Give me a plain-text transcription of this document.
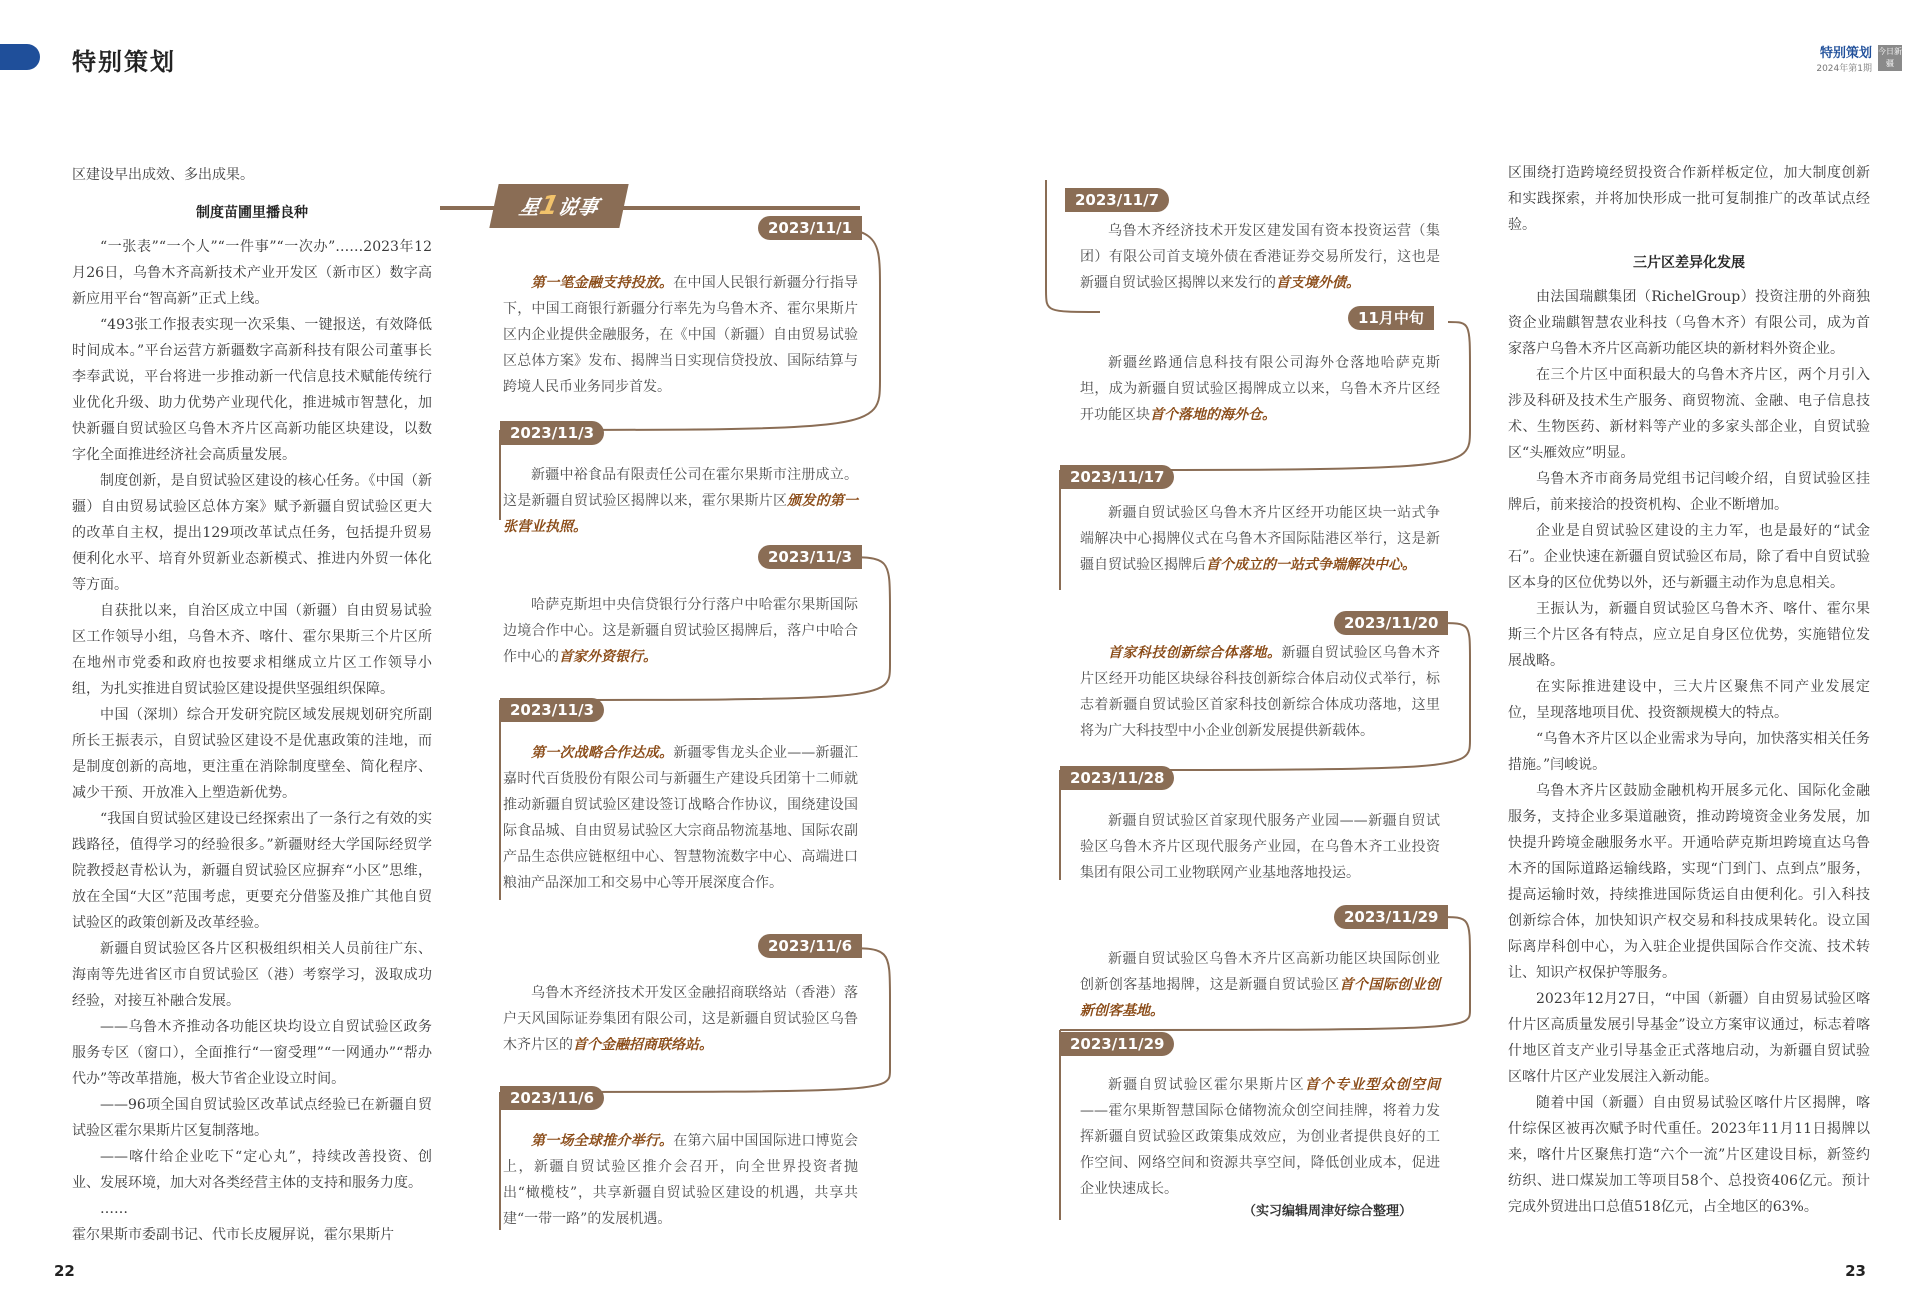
特别策划	特别策划
2024年第1期
今日新疆

区建设早出成效、多出成果。

制度苗圃里播良种

“一张表”“一个人”“一件事”“一次办”……2023年12月26日，乌鲁木齐高新技术产业开发区（新市区）数字高新应用平台“智高新”正式上线。

“493张工作报表实现一次采集、一键报送，有效降低时间成本。”平台运营方新疆数字高新科技有限公司董事长李奉武说，平台将进一步推动新一代信息技术赋能传统行业优化升级、助力优势产业现代化，推进城市智慧化，加快新疆自贸试验区乌鲁木齐片区高新功能区块建设，以数字化全面推进经济社会高质量发展。

制度创新，是自贸试验区建设的核心任务。《中国（新疆）自由贸易试验区总体方案》赋予新疆自贸试验区更大的改革自主权，提出129项改革试点任务，包括提升贸易便利化水平、培育外贸新业态新模式、推进内外贸一体化等方面。

自获批以来，自治区成立中国（新疆）自由贸易试验区工作领导小组，乌鲁木齐、喀什、霍尔果斯三个片区所在地州市党委和政府也按要求相继成立片区工作领导小组，为扎实推进自贸试验区建设提供坚强组织保障。

中国（深圳）综合开发研究院区域发展规划研究所副所长王振表示，自贸试验区建设不是优惠政策的洼地，而是制度创新的高地，更注重在消除制度壁垒、简化程序、减少干预、开放准入上塑造新优势。

“我国自贸试验区建设已经探索出了一条行之有效的实践路径，值得学习的经验很多。”新疆财经大学国际经贸学院教授赵青松认为，新疆自贸试验区应摒弃“小区”思维，放在全国“大区”范围考虑，更要充分借鉴及推广其他自贸试验区的政策创新及改革经验。

新疆自贸试验区各片区积极组织相关人员前往广东、海南等先进省区市自贸试验区（港）考察学习，汲取成功经验，对接互补融合发展。

——乌鲁木齐推动各功能区块均设立自贸试验区政务服务专区（窗口），全面推行“一窗受理”“一网通办”“帮办代办”等改革措施，极大节省企业设立时间。

——96项全国自贸试验区改革试点经验已在新疆自贸试验区霍尔果斯片区复制落地。

——喀什给企业吃下“定心丸”，持续改善投资、创业、发展环境，加大对各类经营主体的支持和服务力度。

……

霍尔果斯市委副书记、代市长皮履屏说，霍尔果斯片

星1说事
2023/11/1

第一笔金融支持投放。在中国人民银行新疆分行指导下，中国工商银行新疆分行率先为乌鲁木齐、霍尔果斯片区内企业提供金融服务，在《中国（新疆）自由贸易试验区总体方案》发布、揭牌当日实现信贷投放、国际结算与跨境人民币业务同步首发。

2023/11/3

新疆中裕食品有限责任公司在霍尔果斯市注册成立。这是新疆自贸试验区揭牌以来，霍尔果斯片区颁发的第一张营业执照。

2023/11/3

哈萨克斯坦中央信贷银行分行落户中哈霍尔果斯国际边境合作中心。这是新疆自贸试验区揭牌后，落户中哈合作中心的首家外资银行。

2023/11/3

第一次战略合作达成。新疆零售龙头企业——新疆汇嘉时代百货股份有限公司与新疆生产建设兵团第十二师就推动新疆自贸试验区建设签订战略合作协议，围绕建设国际食品城、自由贸易试验区大宗商品物流基地、国际农副产品生态供应链枢纽中心、智慧物流数字中心、高端进口粮油产品深加工和交易中心等开展深度合作。

2023/11/6

乌鲁木齐经济技术开发区金融招商联络站（香港）落户天风国际证券集团有限公司，这是新疆自贸试验区乌鲁木齐片区的首个金融招商联络站。

2023/11/6

第一场全球推介举行。在第六届中国国际进口博览会上，新疆自贸试验区推介会召开，向全世界投资者抛出“橄榄枝”，共享新疆自贸试验区建设的机遇，共享共建“一带一路”的发展机遇。

2023/11/7

乌鲁木齐经济技术开发区建发国有资本投资运营（集团）有限公司首支境外债在香港证券交易所发行，这也是新疆自贸试验区揭牌以来发行的首支境外债。

11月中旬

新疆丝路通信息科技有限公司海外仓落地哈萨克斯坦，成为新疆自贸试验区揭牌成立以来，乌鲁木齐片区经开功能区块首个落地的海外仓。

2023/11/17

新疆自贸试验区乌鲁木齐片区经开功能区块一站式争端解决中心揭牌仪式在乌鲁木齐国际陆港区举行，这是新疆自贸试验区揭牌后首个成立的一站式争端解决中心。

2023/11/20

首家科技创新综合体落地。新疆自贸试验区乌鲁木齐片区经开功能区块绿谷科技创新综合体启动仪式举行，标志着新疆自贸试验区首家科技创新综合体成功落地，这里将为广大科技型中小企业创新发展提供新载体。

2023/11/28

新疆自贸试验区首家现代服务产业园——新疆自贸试验区乌鲁木齐片区现代服务产业园，在乌鲁木齐工业投资集团有限公司工业物联网产业基地落地投运。

2023/11/29

新疆自贸试验区乌鲁木齐片区高新功能区块国际创业创新创客基地揭牌，这是新疆自贸试验区首个国际创业创新创客基地。

2023/11/29

新疆自贸试验区霍尔果斯片区首个专业型众创空间——霍尔果斯智慧国际仓储物流众创空间挂牌，将着力发挥新疆自贸试验区政策集成效应，为创业者提供良好的工作空间、网络空间和资源共享空间，降低创业成本，促进企业快速成长。

（实习编辑周津好综合整理）

区围绕打造跨境经贸投资合作新样板定位，加大制度创新和实践探索，并将加快形成一批可复制推广的改革试点经验。

三片区差异化发展

由法国瑞麒集团（RichelGroup）投资注册的外商独资企业瑞麒智慧农业科技（乌鲁木齐）有限公司，成为首家落户乌鲁木齐片区高新功能区块的新材料外资企业。

在三个片区中面积最大的乌鲁木齐片区，两个月引入涉及科研及技术生产服务、商贸物流、金融、电子信息技术、生物医药、新材料等产业的多家头部企业，自贸试验区“头雁效应”明显。

乌鲁木齐市商务局党组书记闫峻介绍，自贸试验区挂牌后，前来接洽的投资机构、企业不断增加。

企业是自贸试验区建设的主力军，也是最好的“试金石”。企业快速在新疆自贸试验区布局，除了看中自贸试验区本身的区位优势以外，还与新疆主动作为息息相关。

王振认为，新疆自贸试验区乌鲁木齐、喀什、霍尔果斯三个片区各有特点，应立足自身区位优势，实施错位发展战略。

在实际推进建设中，三大片区聚焦不同产业发展定位，呈现落地项目优、投资额规模大的特点。

“乌鲁木齐片区以企业需求为导向，加快落实相关任务措施。”闫峻说。

乌鲁木齐片区鼓励金融机构开展多元化、国际化金融服务，支持企业多渠道融资，推动跨境资金业务发展，加快提升跨境金融服务水平。开通哈萨克斯坦跨境直达乌鲁木齐的国际道路运输线路，实现“门到门、点到点”服务，提高运输时效，持续推进国际货运自由便利化。引入科技创新综合体，加快知识产权交易和科技成果转化。设立国际离岸科创中心，为入驻企业提供国际合作交流、技术转让、知识产权保护等服务。

2023年12月27日，“中国（新疆）自由贸易试验区喀什片区高质量发展引导基金”设立方案审议通过，标志着喀什地区首支产业引导基金正式落地启动，为新疆自贸试验区喀什片区产业发展注入新动能。

随着中国（新疆）自由贸易试验区喀什片区揭牌，喀什综保区被再次赋予时代重任。2023年11月11日揭牌以来，喀什片区聚焦打造“六个一流”片区建设目标，新签约纺织、进口煤炭加工等项目58个、总投资406亿元。预计完成外贸进出口总值518亿元，占全地区的63%。

22	23
